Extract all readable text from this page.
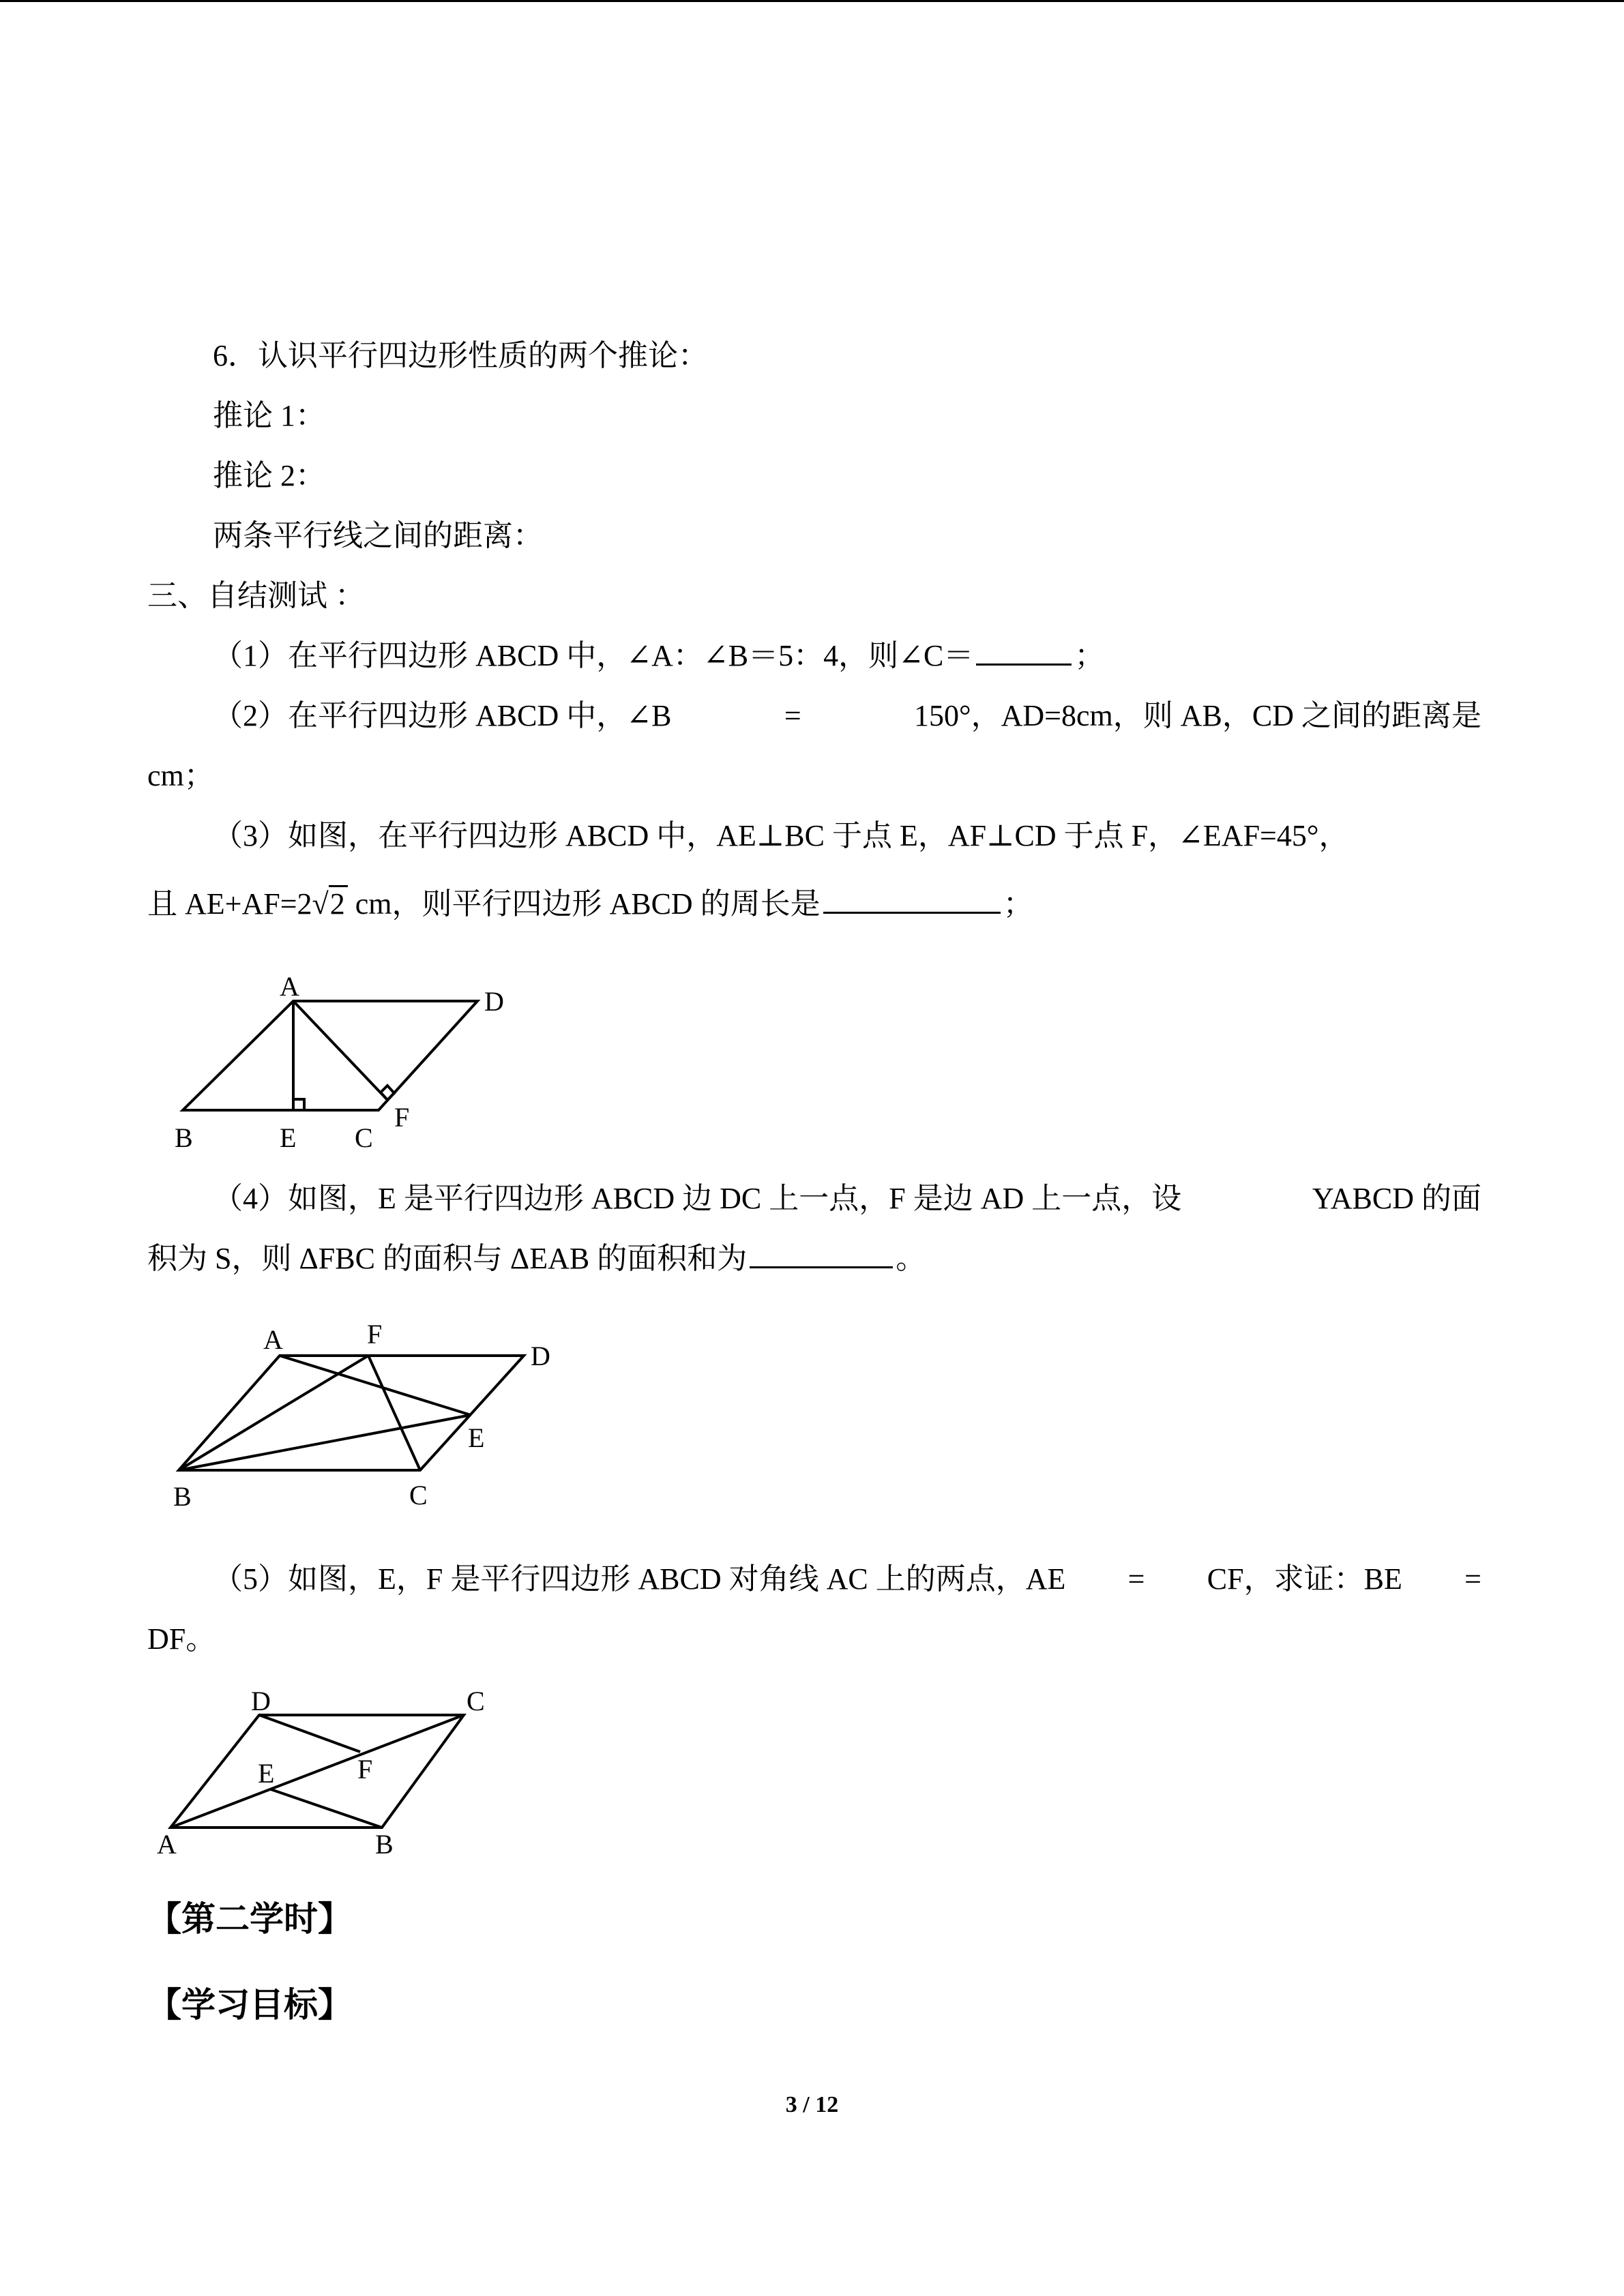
6．认识平行四边形性质的两个推论：

推论 1：

推论 2：

两条平行线之间的距离：

三、自结测试 ：

（1）在平行四边形 ABCD 中，∠A：∠B＝5：4，则∠C＝	；

（2）在平行四边形 ABCD 中，∠B	=	150°，AD=8cm，则 AB，CD 之间的距离是

cm；

（3）如图，在平行四边形 ABCD 中，AE⊥BC 于点 E，AF⊥CD 于点 F，∠EAF=45°，

且 AE+AF=2√2 cm，则平行四边形 ABCD 的周长是	；

A	D
B	E C
F
（4）如图，E 是平行四边形 ABCD 边 DC 上一点，F 是边 AD 上一点，设	YABCD 的面

积为 S，则 ΔFBC 的面积与 ΔEAB 的面积和为	。

A	F
D
E
B	C
（5）如图，E，F 是平行四边形 ABCD 对角线 AC 上的两点，AE = CF，求证：BE =

DF。

D	C
E	F
A	B

【第二学时】

【学习目标】

3 / 12
